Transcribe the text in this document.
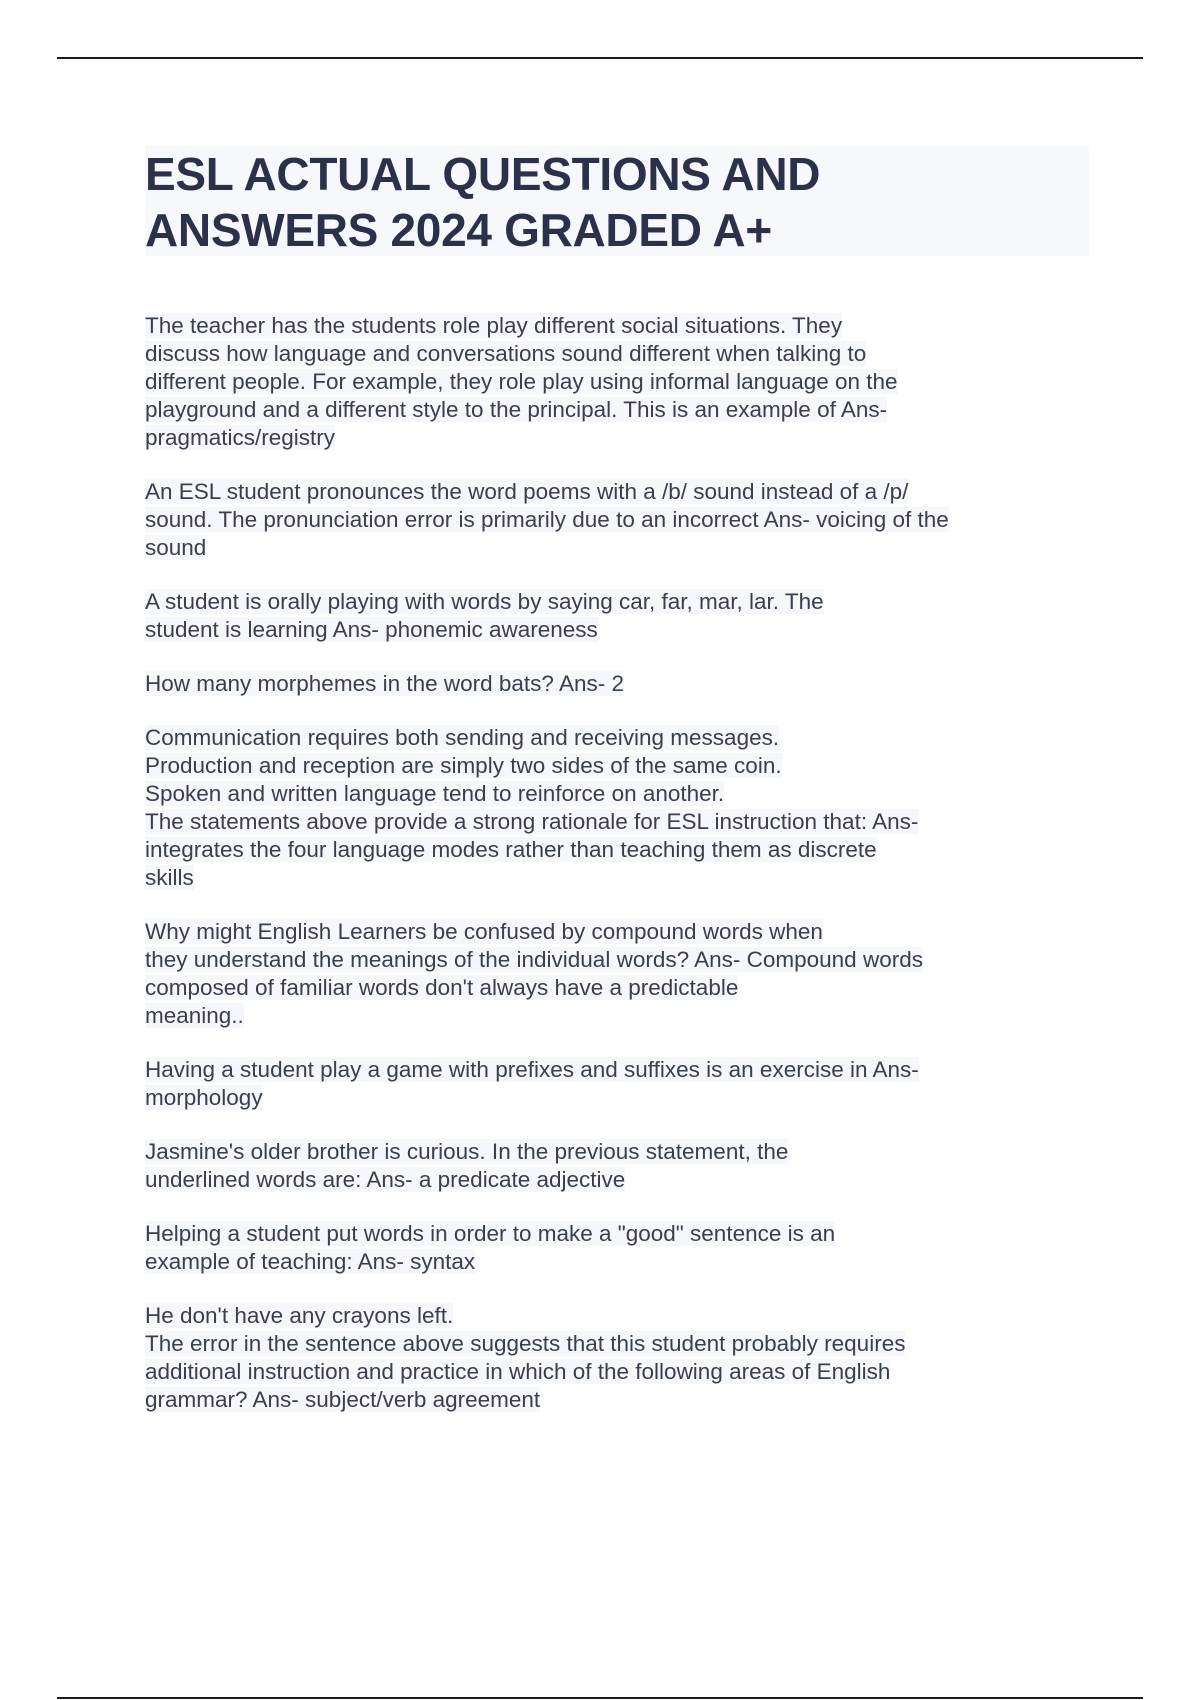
ESL ACTUAL QUESTIONS AND ANSWERS 2024 GRADED A+

The teacher has the students role play different social situations. They
discuss how language and conversations sound different when talking to
different people. For example, they role play using informal language on the
playground and a different style to the principal. This is an example of Ans-
pragmatics/registry

An ESL student pronounces the word poems with a /b/ sound instead of a /p/
sound. The pronunciation error is primarily due to an incorrect Ans- voicing of the
sound

A student is orally playing with words by saying car, far, mar, lar. The
student is learning Ans- phonemic awareness

How many morphemes in the word bats? Ans- 2

Communication requires both sending and receiving messages.
Production and reception are simply two sides of the same coin.
Spoken and written language tend to reinforce on another.
The statements above provide a strong rationale for ESL instruction that: Ans-
integrates the four language modes rather than teaching them as discrete
skills

Why might English Learners be confused by compound words when
they understand the meanings of the individual words? Ans- Compound words
composed of familiar words don't always have a predictable
meaning..

Having a student play a game with prefixes and suffixes is an exercise in Ans-
morphology

Jasmine's older brother is curious. In the previous statement, the
underlined words are: Ans- a predicate adjective

Helping a student put words in order to make a "good" sentence is an
example of teaching: Ans- syntax

He don't have any crayons left.
The error in the sentence above suggests that this student probably requires
additional instruction and practice in which of the following areas of English
grammar? Ans- subject/verb agreement
